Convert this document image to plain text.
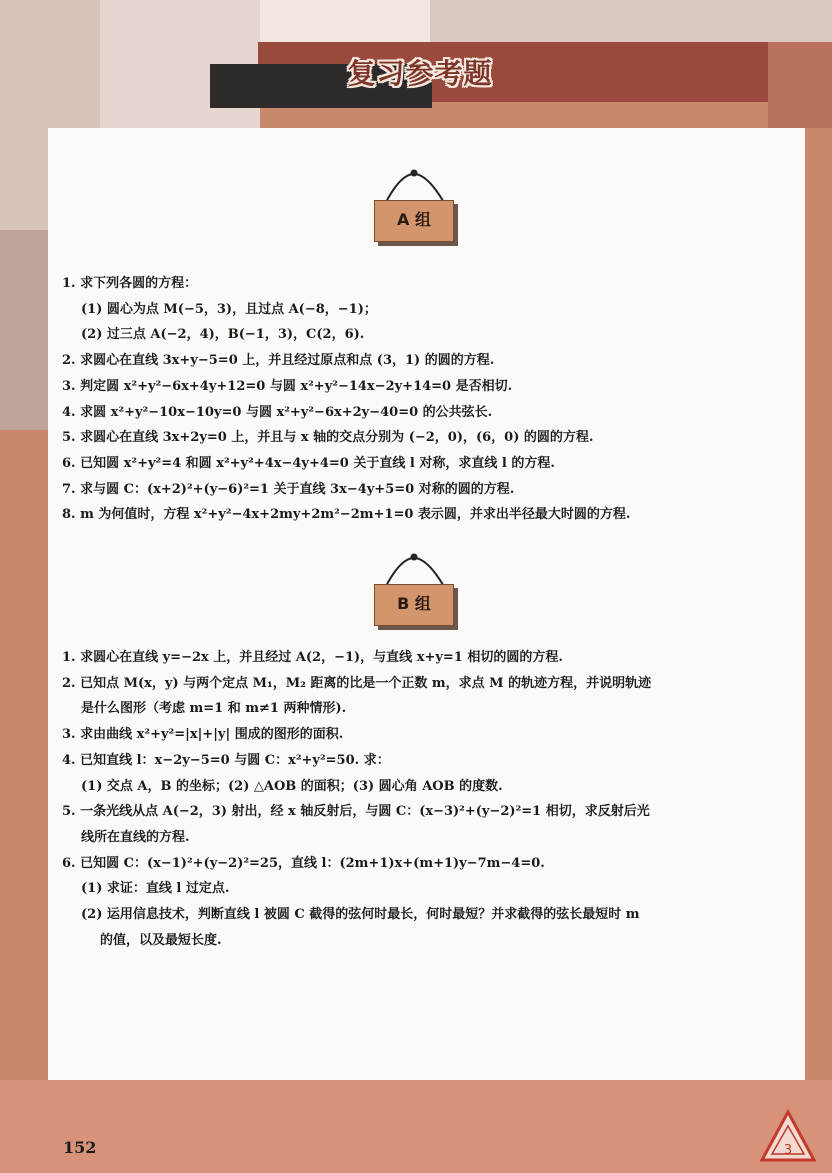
复习参考题
A 组
1. 求下列各圆的方程：
(1) 圆心为点 M(−5，3)，且过点 A(−8，−1)；
(2) 过三点 A(−2，4)，B(−1，3)，C(2，6).
2. 求圆心在直线 3x+y−5=0 上，并且经过原点和点 (3，1) 的圆的方程.
3. 判定圆 x²+y²−6x+4y+12=0 与圆 x²+y²−14x−2y+14=0 是否相切.
4. 求圆 x²+y²−10x−10y=0 与圆 x²+y²−6x+2y−40=0 的公共弦长.
5. 求圆心在直线 3x+2y=0 上，并且与 x 轴的交点分别为 (−2，0)，(6，0) 的圆的方程.
6. 已知圆 x²+y²=4 和圆 x²+y²+4x−4y+4=0 关于直线 l 对称，求直线 l 的方程.
7. 求与圆 C：(x+2)²+(y−6)²=1 关于直线 3x−4y+5=0 对称的圆的方程.
8. m 为何值时，方程 x²+y²−4x+2my+2m²−2m+1=0 表示圆，并求出半径最大时圆的方程.
B 组
1. 求圆心在直线 y=−2x 上，并且经过 A(2，−1)，与直线 x+y=1 相切的圆的方程.
2. 已知点 M(x，y) 与两个定点 M₁，M₂ 距离的比是一个正数 m，求点 M 的轨迹方程，并说明轨迹
是什么图形（考虑 m=1 和 m≠1 两种情形).
3. 求由曲线 x²+y²=|x|+|y| 围成的图形的面积.
4. 已知直线 l：x−2y−5=0 与圆 C：x²+y²=50. 求：
(1) 交点 A，B 的坐标；(2) △AOB 的面积；(3) 圆心角 AOB 的度数.
5. 一条光线从点 A(−2，3) 射出，经 x 轴反射后，与圆 C：(x−3)²+(y−2)²=1 相切，求反射后光
线所在直线的方程.
6. 已知圆 C：(x−1)²+(y−2)²=25，直线 l：(2m+1)x+(m+1)y−7m−4=0.
(1) 求证：直线 l 过定点.
(2) 运用信息技术，判断直线 l 被圆 C 截得的弦何时最长，何时最短？并求截得的弦长最短时 m
的值，以及最短长度.
152	3
